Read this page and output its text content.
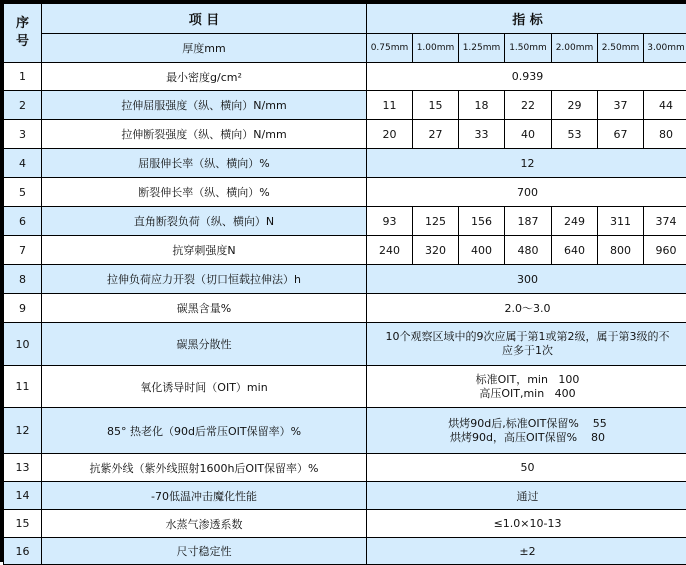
序号	项 目	指 标						
	厚度mm	0.75mm	1.00mm	1.25mm	1.50mm	2.00mm	2.50mm	3.00mm
1	最小密度g/cm²	0.939						
2	拉伸屈服强度（纵、横向）N/mm	11	15	18	22	29	37	44
3	拉伸断裂强度（纵、横向）N/mm	20	27	33	40	53	67	80
4	屈服伸长率（纵、横向）%	12						
5	断裂伸长率（纵、横向）%	700						
6	直角断裂负荷（纵、横向）N	93	125	156	187	249	311	374
7	抗穿刺强度N	240	320	400	480	640	800	960
8	拉伸负荷应力开裂（切口恒载拉伸法）h	300						
9	碳黑含量%	2.0～3.0						
10	碳黑分散性	10个观察区域中的9次应属于第1或第2级，属于第3级的不
应多于1次						

11	氧化诱导时间（OIT）min	标准OIT，min   100
高压OIT,min   400						

12	85° 热老化（90d后常压OIT保留率）%	烘烤90d后,标准OIT保留%    55
烘烤90d，高压OIT保留%    80						

13	抗紫外线（紫外线照射1600h后OIT保留率）%	50						
14	-70低温冲击魔化性能	通过						
15	水蒸气渗透系数	≤1.0×10-13						
16	尺寸稳定性	±2						
